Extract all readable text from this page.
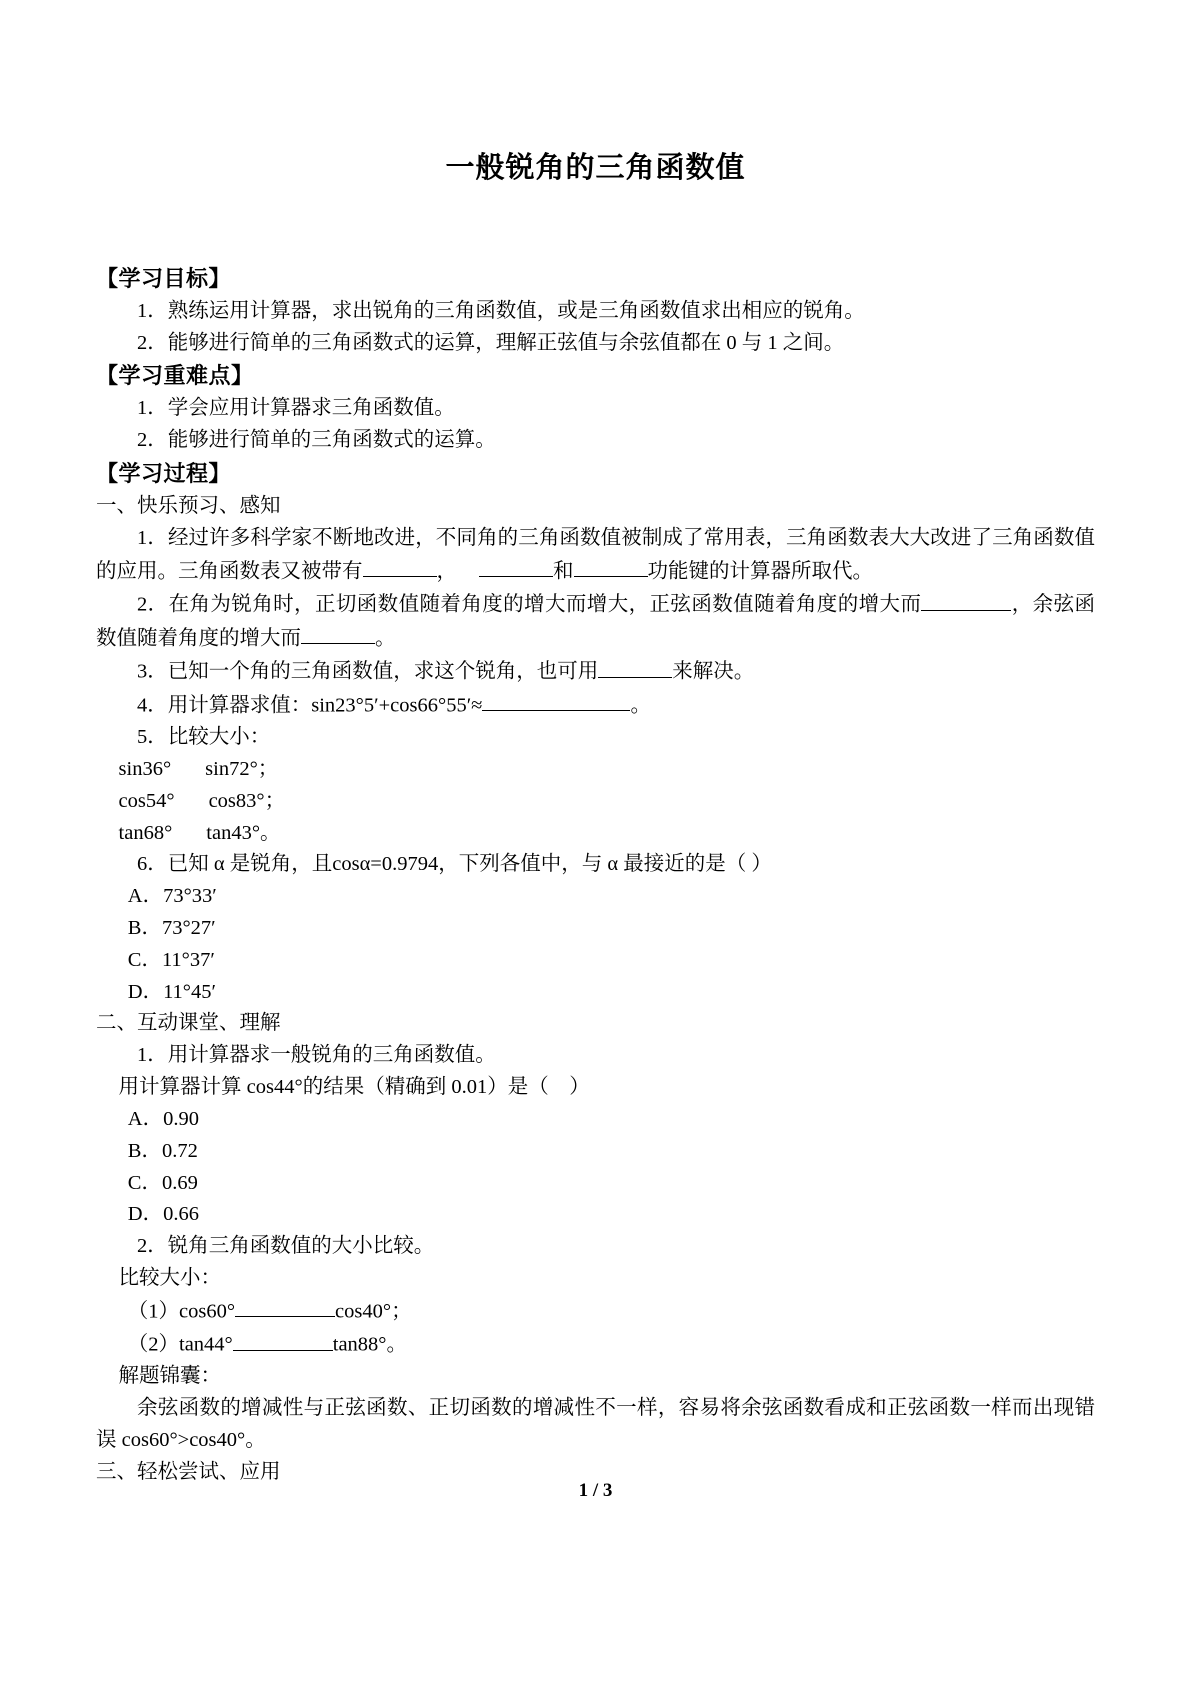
一般锐角的三角函数值

【学习目标】

1．熟练运用计算器，求出锐角的三角函数值，或是三角函数值求出相应的锐角。

2．能够进行简单的三角函数式的运算，理解正弦值与余弦值都在 0 与 1 之间。

【学习重难点】

1．学会应用计算器求三角函数值。

2．能够进行简单的三角函数式的运算。

【学习过程】

一、快乐预习、感知

1．经过许多科学家不断地改进，不同角的三角函数值被制成了常用表，三角函数表大大改进了三角函数值的应用。三角函数表又被带有	，	和	功能键的计算器所取代。

2．在角为锐角时，正切函数值随着角度的增大而增大，正弦函数值随着角度的增大而	，余弦函数值随着角度的增大而	。

3．已知一个角的三角函数值，求这个锐角，也可用	来解决。

4．用计算器求值：sin23°5′+cos66°55′≈	。

5．比较大小：

sin36° sin72°；

cos54° cos83°；

tan68° tan43°。

6．已知 α 是锐角，且cosα=0.9794，下列各值中，与 α 最接近的是（ ）

A．73°33′

B．73°27′

C．11°37′

D．11°45′

二、互动课堂、理解

1．用计算器求一般锐角的三角函数值。

用计算器计算 cos44°的结果（精确到 0.01）是（    ）

A．0.90

B．0.72

C．0.69

D．0.66

2．锐角三角函数值的大小比较。

比较大小：

（1）cos60°	cos40°；

（2）tan44°	tan88°。

解题锦囊：

余弦函数的增减性与正弦函数、正切函数的增减性不一样，容易将余弦函数看成和正弦函数一样而出现错误 cos60°>cos40°。

三、轻松尝试、应用

1 / 3
